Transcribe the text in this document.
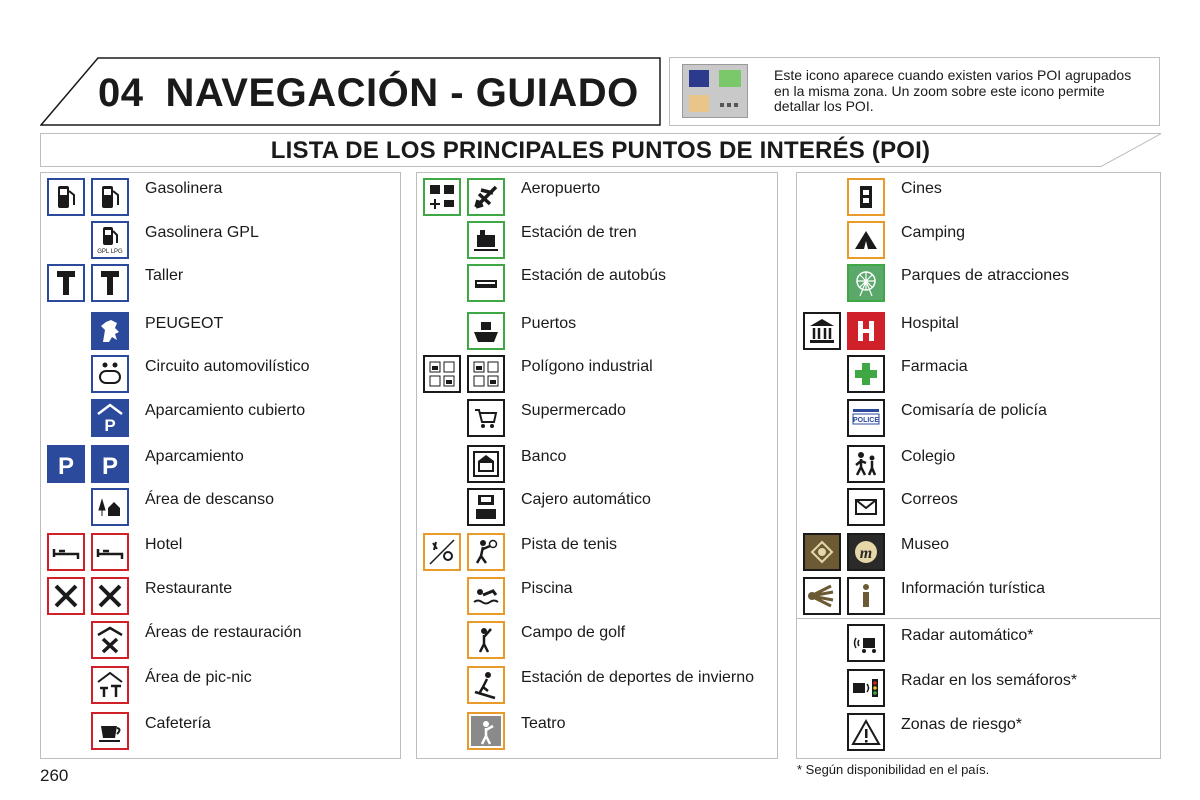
04 NAVEGACIÓN - GUIADO	Este icono aparece cuando existen varios POI agrupados en la misma zona. Un zoom sobre este icono permite detallar los POI.
LISTA DE LOS PRINCIPALES PUNTOS DE INTERÉS (POI)
Gasolinera
GPL LPG
Gasolinera GPL
Taller
PEUGEOT
Circuito automovilístico
P
Aparcamiento cubierto
P P Aparcamiento
Área de descanso
Hotel
Restaurante
Áreas de restauración
Área de pic-nic
Cafetería
Aeropuerto
Estación de tren
Estación de autobús
Puertos
Polígono industrial
Supermercado
Banco
Cajero automático
Pista de tenis
Piscina
Campo de golf
Estación de deportes de invierno
Teatro
Cines
Camping
Parques de atracciones
Hospital
Farmacia
POLICE
Comisaría de policía
Colegio
Correos
m
Museo
Información turística
Radar automático*
Radar en los semáforos*
Zonas de riesgo*
* Según disponibilidad en el país.
260
